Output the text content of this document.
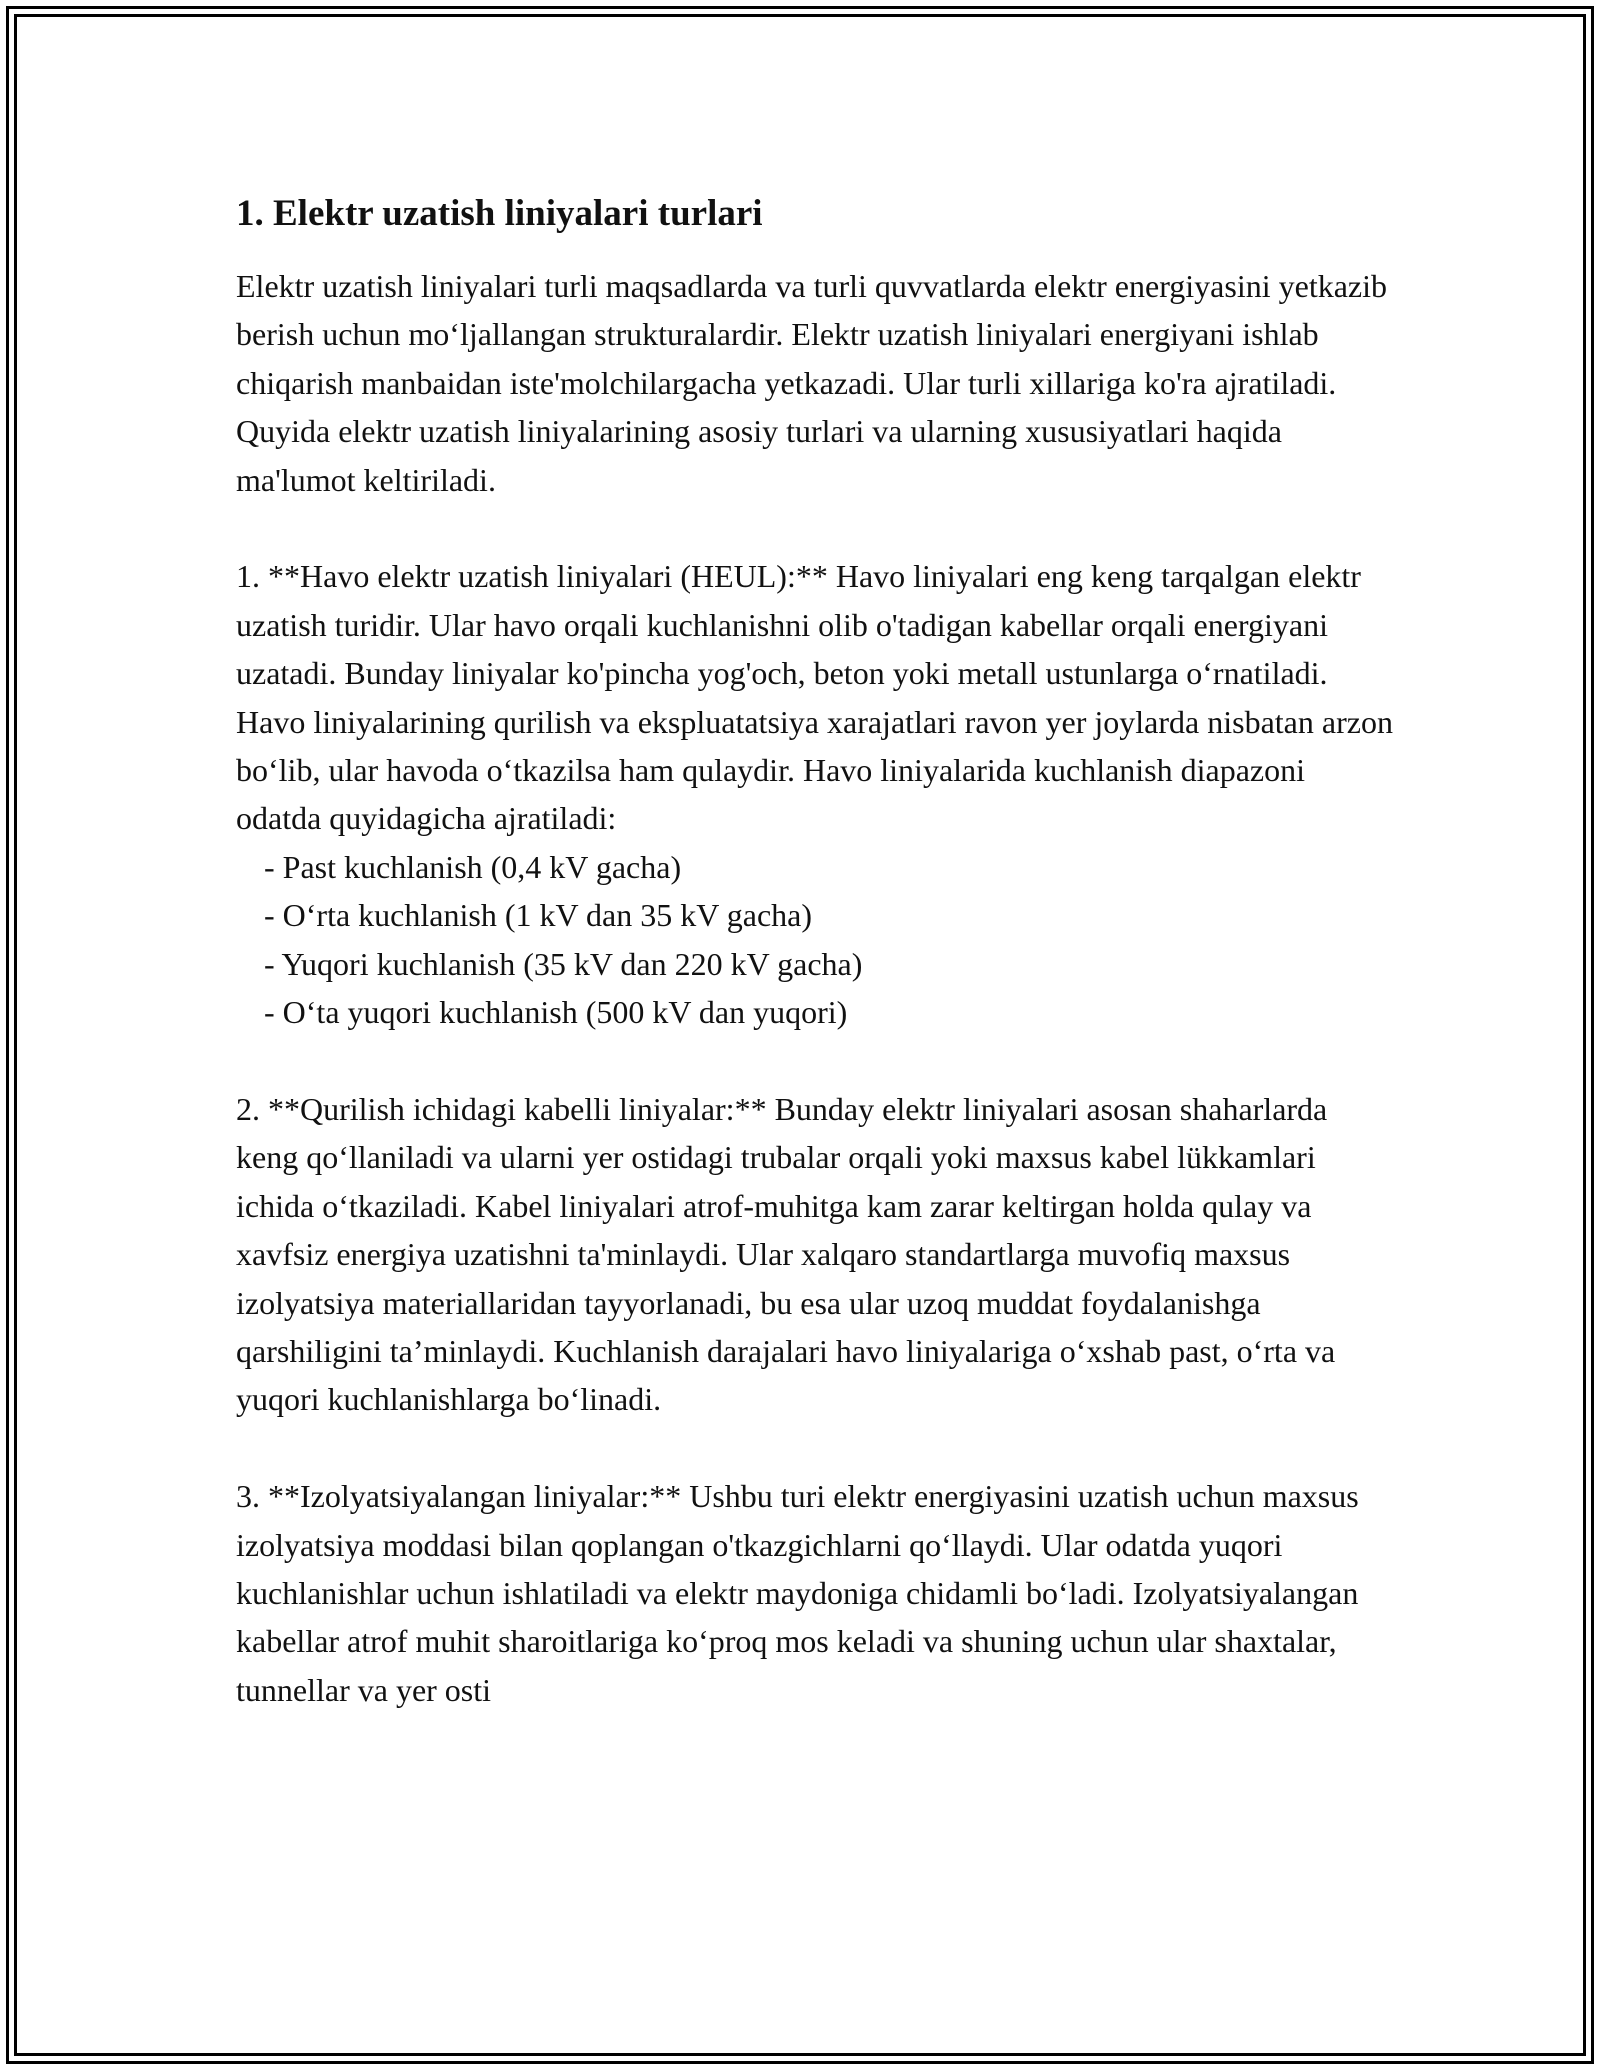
1. Elektr uzatish liniyalari turlari

Elektr uzatish liniyalari turli maqsadlarda va turli quvvatlarda elektr energiyasini yetkazib berish uchun moʻljallangan strukturalardir. Elektr uzatish liniyalari energiyani ishlab chiqarish manbaidan iste'molchilargacha yetkazadi. Ular turli xillariga ko'ra ajratiladi. Quyida elektr uzatish liniyalarining asosiy turlari va ularning xususiyatlari haqida ma'lumot keltiriladi.

1. **Havo elektr uzatish liniyalari (HEUL):** Havo liniyalari eng keng tarqalgan elektr uzatish turidir. Ular havo orqali kuchlanishni olib o'tadigan kabellar orqali energiyani uzatadi. Bunday liniyalar ko'pincha yog'och, beton yoki metall ustunlarga oʻrnatiladi. Havo liniyalarining qurilish va ekspluatatsiya xarajatlari ravon yer joylarda nisbatan arzon boʻlib, ular havoda oʻtkazilsa ham qulaydir. Havo liniyalarida kuchlanish diapazoni odatda quyidagicha ajratiladi:

- Past kuchlanish (0,4 kV gacha)
- Oʻrta kuchlanish (1 kV dan 35 kV gacha)
- Yuqori kuchlanish (35 kV dan 220 kV gacha)
- Oʻta yuqori kuchlanish (500 kV dan yuqori)

2. **Qurilish ichidagi kabelli liniyalar:** Bunday elektr liniyalari asosan shaharlarda keng qoʻllaniladi va ularni yer ostidagi trubalar orqali yoki maxsus kabel lükkamlari ichida oʻtkaziladi. Kabel liniyalari atrof-muhitga kam zarar keltirgan holda qulay va xavfsiz energiya uzatishni ta'minlaydi. Ular xalqaro standartlarga muvofiq maxsus izolyatsiya materiallaridan tayyorlanadi, bu esa ular uzoq muddat foydalanishga qarshiligini ta’minlaydi. Kuchlanish darajalari havo liniyalariga oʻxshab past, oʻrta va yuqori kuchlanishlarga boʻlinadi.

3. **Izolyatsiyalangan liniyalar:** Ushbu turi elektr energiyasini uzatish uchun maxsus izolyatsiya moddasi bilan qoplangan o'tkazgichlarni qoʻllaydi. Ular odatda yuqori kuchlanishlar uchun ishlatiladi va elektr maydoniga chidamli boʻladi. Izolyatsiyalangan kabellar atrof muhit sharoitlariga koʻproq mos keladi va shuning uchun ular shaxtalar, tunnellar va yer osti
